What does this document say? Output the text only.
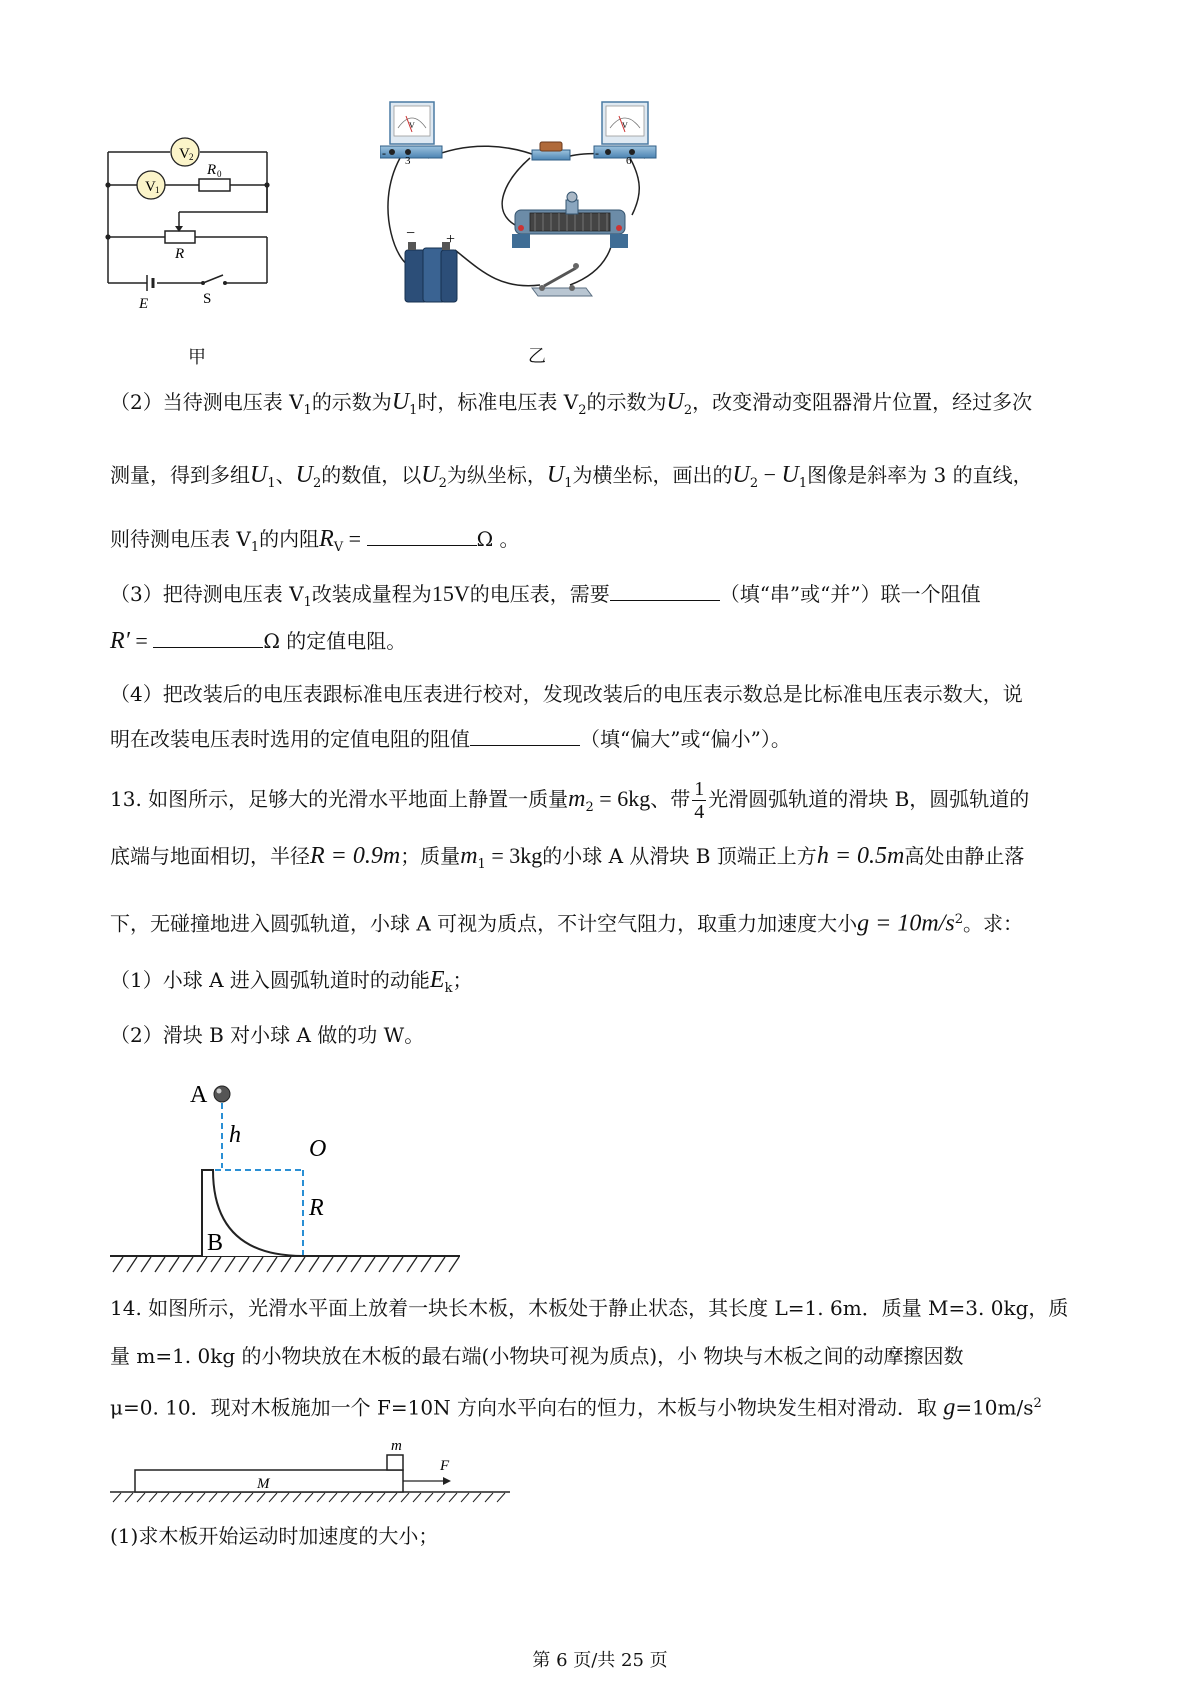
V 2
V 1
R 0
R
E	S
甲
V
-
3
V
-
6
− +
乙
（2）当待测电压表 $V_1$的示数为$U_1$时，标准电压表 $V_2$的示数为$U_2$，改变滑动变阻器滑片位置，经过多次
测量，得到多组$U_1$、$U_2$的数值，以$U_2$为纵坐标，$U_1$为横坐标，画出的$U_2 - U_1$图像是斜率为 3 的直线，
则待测电压表 $V_1$的内阻$R_V$ =	Ω 。
（3）把待测电压表 $V_1$改装成量程为15V的电压表，需要	（填“串”或“并”）联一个阻值
R′ =	Ω 的定值电阻。
（4）把改装后的电压表跟标准电压表进行校对，发现改装后的电压表示数总是比标准电压表示数大，说
明在改装电压表时选用的定值电阻的阻值	（填“偏大”或“偏小”）。
13. 如图所示，足够大的光滑水平地面上静置一质量$m_2 = 6kg$、带 $\frac{1}{4}$ 光滑圆弧轨道的滑块 B，圆弧轨道的
底端与地面相切，半径R = 0.9m；质量$m_1 = 3kg$的小球 A 从滑块 B 顶端正上方h = 0.5m高处由静止落
下，无碰撞地进入圆弧轨道，小球 A 可视为质点，不计空气阻力，取重力加速度大小$g = 10m/s^2$。求：
（1）小球 A 进入圆弧轨道时的动能$E_k$；
（2）滑块 B 对小球 A 做的功 W。
A
h
O
R
B
14. 如图所示，光滑水平面上放着一块长木板，木板处于静止状态，其长度 L=1. 6m．质量 M=3. 0kg，质
量 m=1. 0kg 的小物块放在木板的最右端(小物块可视为质点)，小 物块与木板之间的动摩擦因数
μ=0. 10．现对木板施加一个 F=10N 方向水平向右的恒力，木板与小物块发生相对滑动．取 $g=10m/s^2$
m
M
F
(1)求木板开始运动时加速度的大小；
第 6 页/共 25 页
